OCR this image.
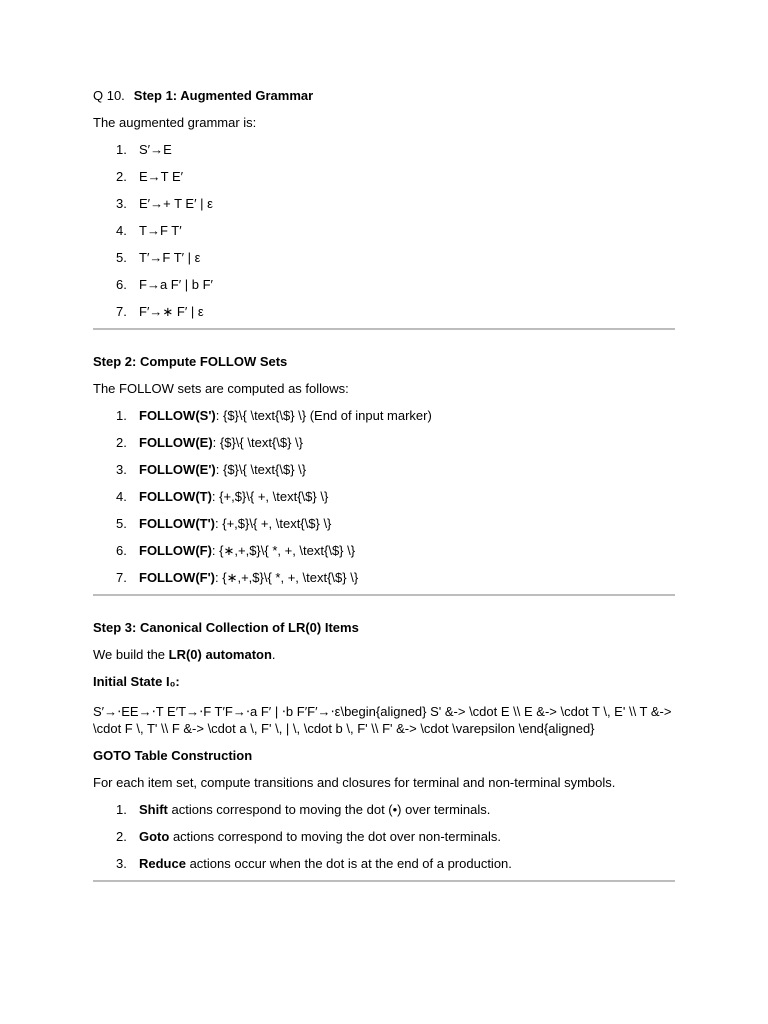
Q 10. Step 1: Augmented Grammar

The augmented grammar is:

1. S′→E
2. E→T E′
3. E′→+ T E′ | ε
4. T→F T′
5. T′→F T′ | ε
6. F→a F′ | b F′
7. F′→∗ F′ | ε

Step 2: Compute FOLLOW Sets

The FOLLOW sets are computed as follows:

1. FOLLOW(S'): {$}\{ \text{\$} \} (End of input marker)
2. FOLLOW(E): {$}\{ \text{\$} \}
3. FOLLOW(E'): {$}\{ \text{\$} \}
4. FOLLOW(T): {+,$}\{ +, \text{\$} \}
5. FOLLOW(T'): {+,$}\{ +, \text{\$} \}
6. FOLLOW(F): {∗,+,$}\{ *, +, \text{\$} \}
7. FOLLOW(F'): {∗,+,$}\{ *, +, \text{\$} \}

Step 3: Canonical Collection of LR(0) Items

We build the LR(0) automaton.

Initial State I₀:

S′→⋅EE→⋅T E′T→⋅F T′F→⋅a F′ | ⋅b F′F′→⋅ε\begin{aligned} S' &-> \cdot E \\ E &-> \cdot T \, E' \\ T &-> \cdot F \, T' \\ F &-> \cdot a \, F' \, | \, \cdot b \, F' \\ F' &-> \cdot \varepsilon \end{aligned}

GOTO Table Construction

For each item set, compute transitions and closures for terminal and non-terminal symbols.

1. Shift actions correspond to moving the dot (•) over terminals.
2. Goto actions correspond to moving the dot over non-terminals.
3. Reduce actions occur when the dot is at the end of a production.
